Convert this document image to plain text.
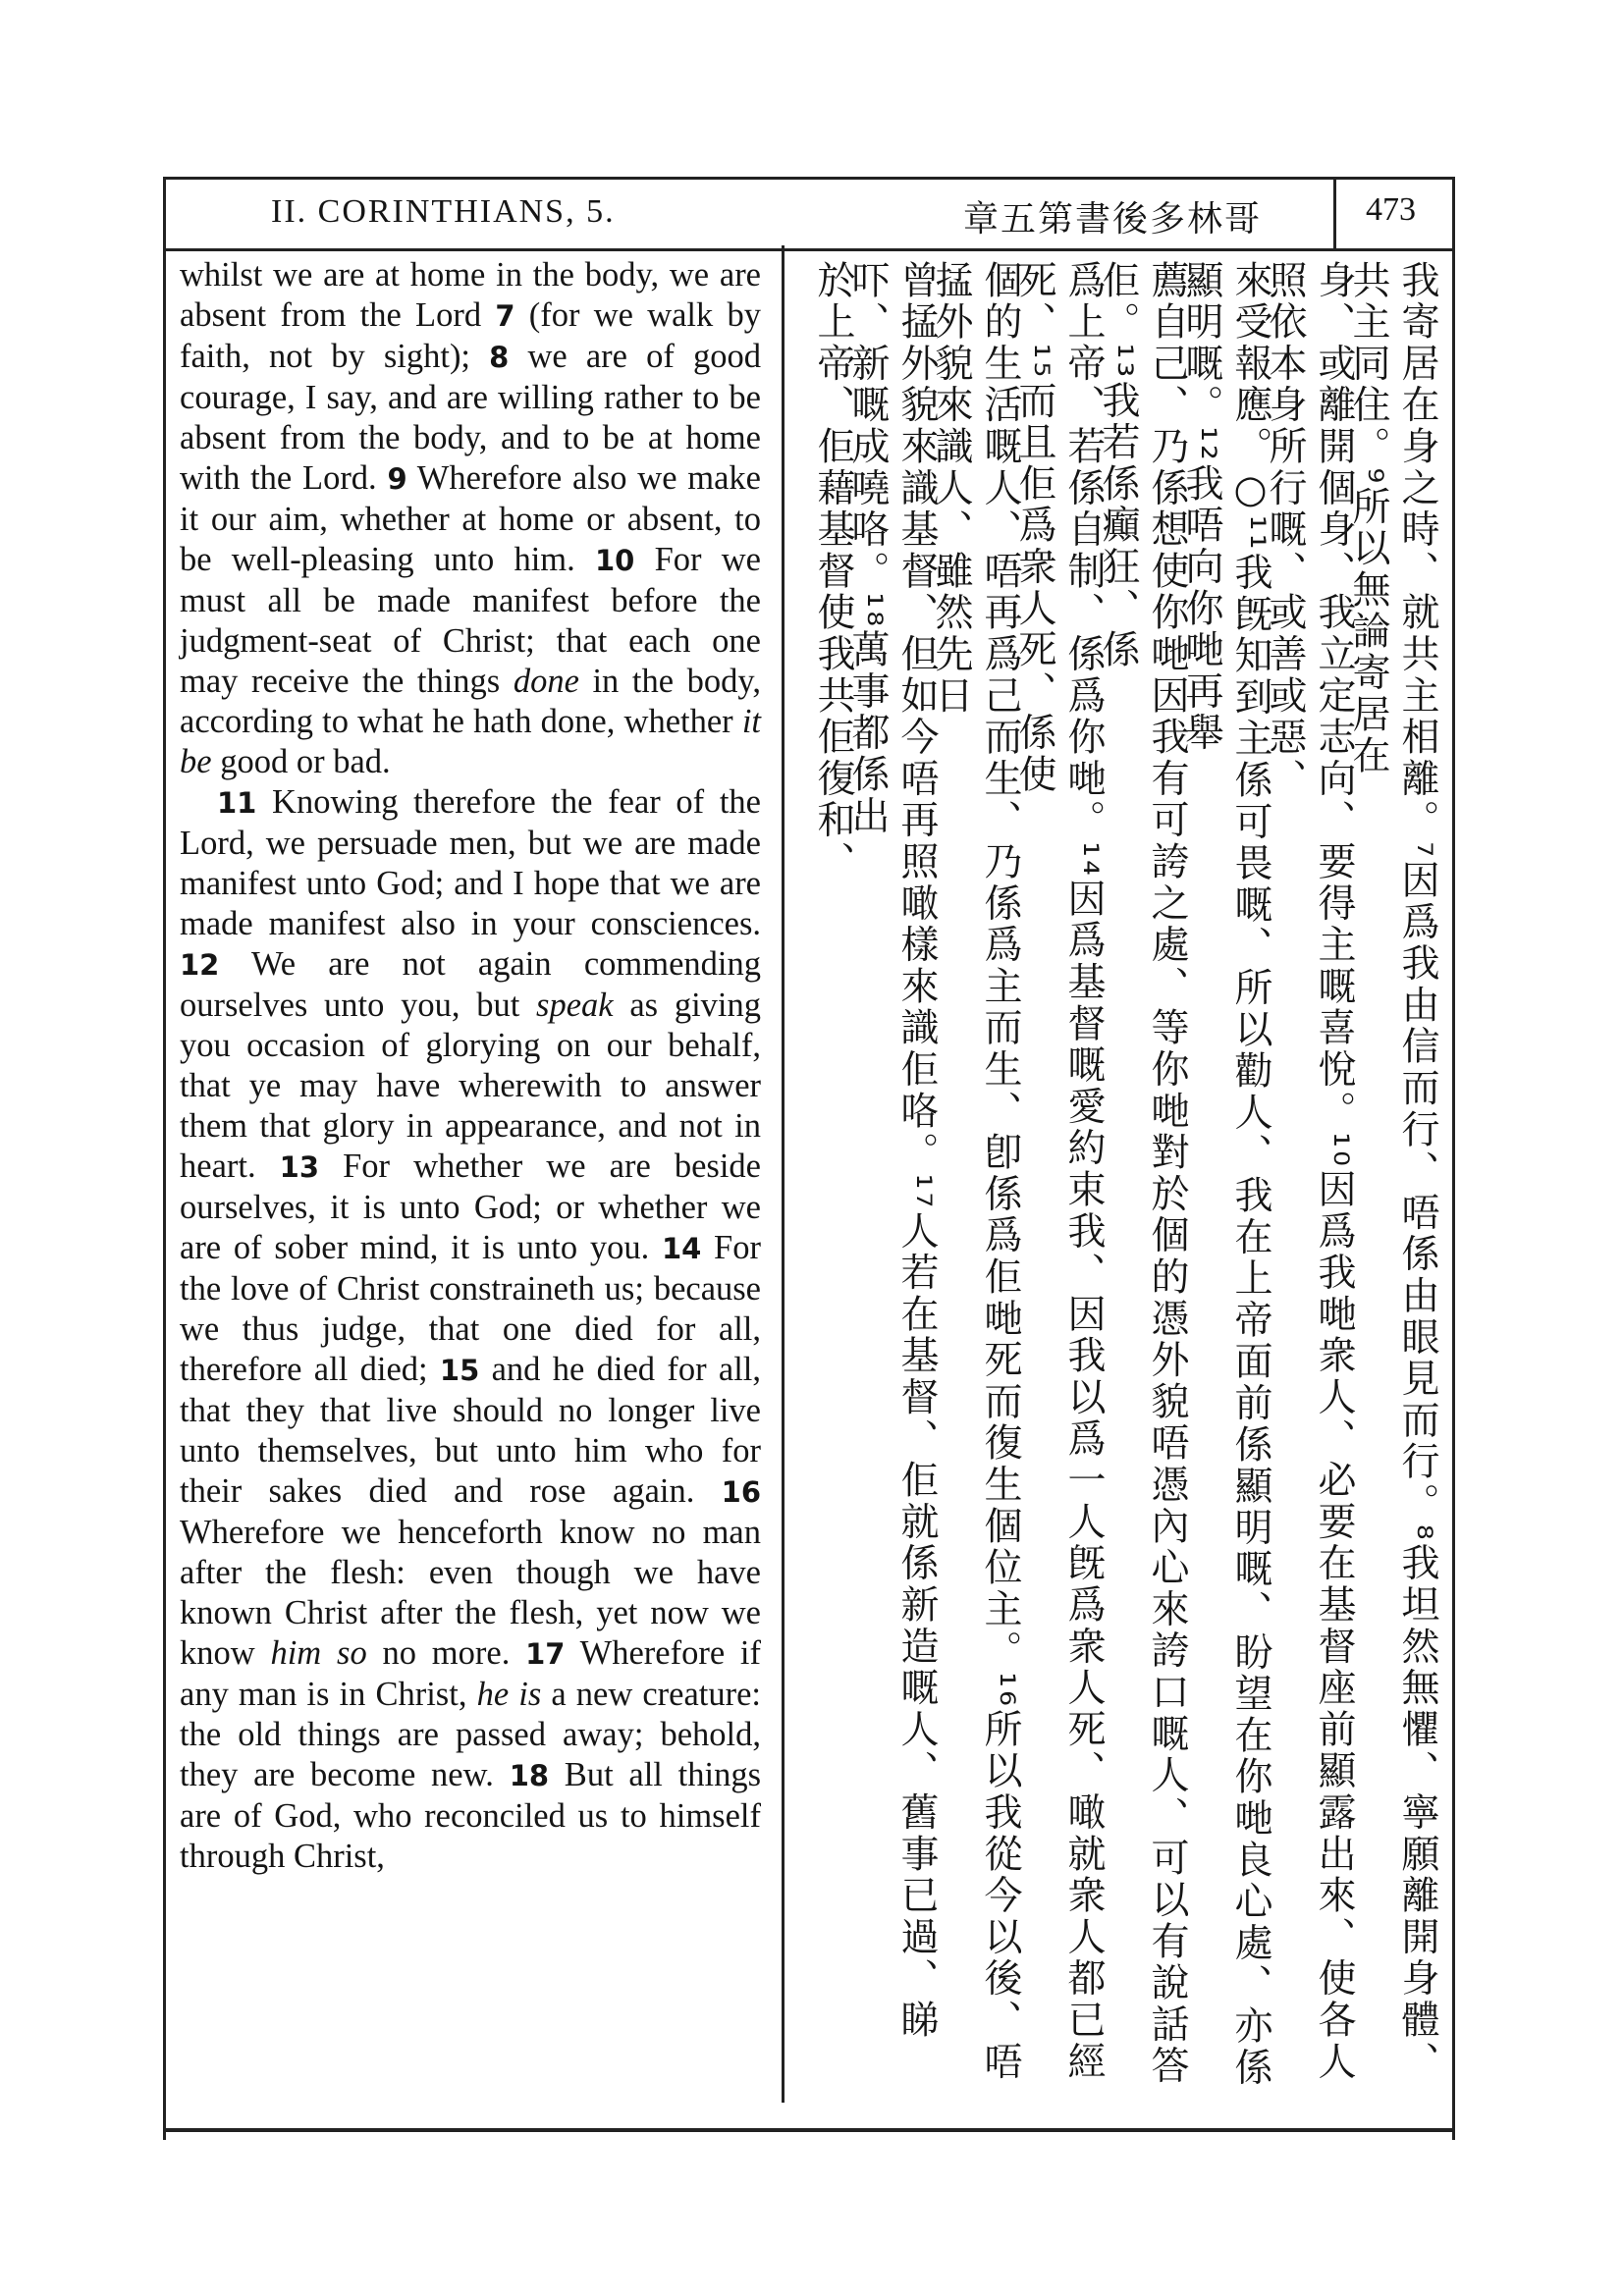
II. CORINTHIANS, 5.	章五第書後多林哥	473

whilst we are at home in the body, we are absent from the Lord 7 (for we walk by faith, not by sight); 8 we are of good courage, I say, and are willing rather to be absent from the body, and to be at home with the Lord. 9 Wherefore also we make it our aim, whether at home or absent, to be well-pleasing unto him. 10 For we must all be made manifest before the judgment-seat of Christ; that each one may receive the things done in the body, according to what he hath done, whether it be good or bad.

11 Knowing therefore the fear of the Lord, we persuade men, but we are made manifest unto God; and I hope that we are made manifest also in your consciences. 12 We are not again commending ourselves unto you, but speak as giving you occasion of glorying on our behalf, that ye may have wherewith to answer them that glory in appearance, and not in heart. 13 For whether we are beside ourselves, it is unto God; or whether we are of sober mind, it is unto you. 14 For the love of Christ constraineth us; because we thus judge, that one died for all, therefore all died; 15 and he died for all, that they that live should no longer live unto themselves, but unto him who for their sakes died and rose again. 16 Wherefore we henceforth know no man after the flesh: even though we have known Christ after the flesh, yet now we know him so no more. 17 Wherefore if any man is in Christ, he is a new creature: the old things are passed away; behold, they are become new. 18 But all things are of God, who reconciled us to himself through Christ,	我寄居在身之時、就共主相離。⁷因爲我由信而行、唔係由眼見而行。⁸我坦然無懼、寧願離開身體、共主同住。⁹所以無論寄居在
身、或離開個身、我立定志向、要得主嘅喜悅。¹⁰因爲我哋衆人、必要在基督座前顯露出來、使各人照依本身所行嘅、或善或惡、
來受報應。○¹¹我旣知到主係可畏嘅、所以勸人、我在上帝面前係顯明嘅、盼望在你哋良心處、亦係顯明嘅。¹²我唔向你哋再舉
薦自己、乃係想使你哋因我有可誇之處、等你哋對於個的憑外貌唔憑內心來誇口嘅人、可以有說話答佢。¹³我若係癲狂、係
爲上帝、若係自制、係爲你哋。¹⁴因爲基督嘅愛約束我、因我以爲一人旣爲衆人死、噉就衆人都已經死、¹⁵而且佢爲衆人死、係使
個的生活嘅人、唔再爲己而生、乃係爲主而生、卽係爲佢哋死而復生個位主。¹⁶所以我從今以後、唔掹外貌來識人、雖然先日
曾掹外貌來識基督、但如今唔再照噉樣來識佢咯。¹⁷人若在基督、佢就係新造嘅人、舊事已過、睇吓、新嘅成嘵咯。¹⁸萬事都係出
於上帝、佢藉基督使我共佢復和、
